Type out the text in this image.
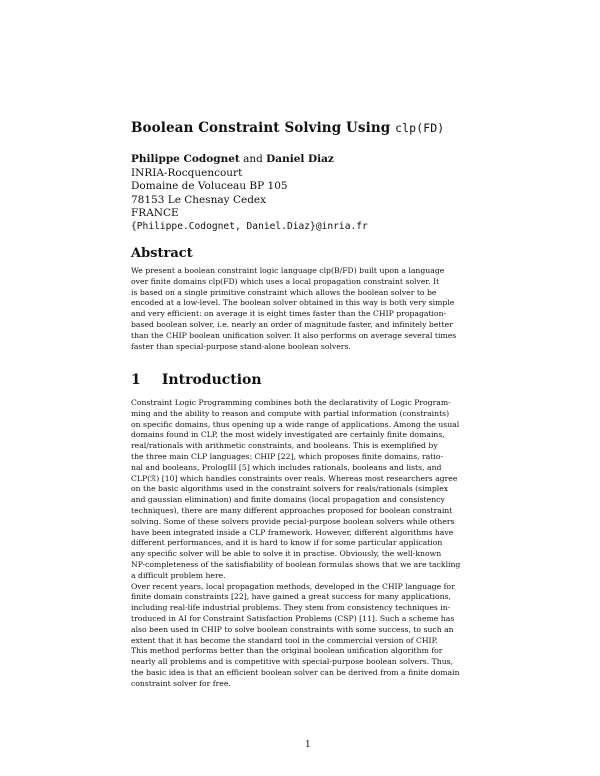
Boolean Constraint Solving Using clp(FD)
Philippe Codognet and Daniel Diaz
INRIA-Rocquencourt
Domaine de Voluceau BP 105
78153 Le Chesnay Cedex
FRANCE
{Philippe.Codognet, Daniel.Diaz}@inria.fr
Abstract
We present a boolean constraint logic language clp(B/FD) built upon a language
over finite domains clp(FD) which uses a local propagation constraint solver. It
is based on a single primitive constraint which allows the boolean solver to be
encoded at a low-level. The boolean solver obtained in this way is both very simple
and very efficient: on average it is eight times faster than the CHIP propagation-
based boolean solver, i.e. nearly an order of magnitude faster, and infinitely better
than the CHIP boolean unification solver. It also performs on average several times
faster than special-purpose stand-alone boolean solvers.
1 Introduction
Constraint Logic Programming combines both the declarativity of Logic Program-
ming and the ability to reason and compute with partial information (constraints)
on specific domains, thus opening up a wide range of applications. Among the usual
domains found in CLP, the most widely investigated are certainly finite domains,
real/rationals with arithmetic constraints, and booleans. This is exemplified by
the three main CLP languages: CHIP [22], which proposes finite domains, ratio-
nal and booleans, PrologIII [5] which includes rationals, booleans and lists, and
CLP(ℛ) [10] which handles constraints over reals. Whereas most researchers agree
on the basic algorithms used in the constraint solvers for reals/rationals (simplex
and gaussian elimination) and finite domains (local propagation and consistency
techniques), there are many different approaches proposed for boolean constraint
solving. Some of these solvers provide pecial-purpose boolean solvers while others
have been integrated inside a CLP framework. However, different algorithms have
different performances, and it is hard to know if for some particular application
any specific solver will be able to solve it in practise. Obviously, the well-known
NP-completeness of the satisfiability of boolean formulas shows that we are tackling
a difficult problem here.
Over recent years, local propagation methods, developed in the CHIP language for
finite domain constraints [22], have gained a great success for many applications,
including real-life industrial problems. They stem from consistency techniques in-
troduced in AI for Constraint Satisfaction Problems (CSP) [11]. Such a scheme has
also been used in CHIP to solve boolean constraints with some success, to such an
extent that it has become the standard tool in the commercial version of CHIP.
This method performs better than the original boolean unification algorithm for
nearly all problems and is competitive with special-purpose boolean solvers. Thus,
the basic idea is that an efficient boolean solver can be derived from a finite domain
constraint solver for free.
1
